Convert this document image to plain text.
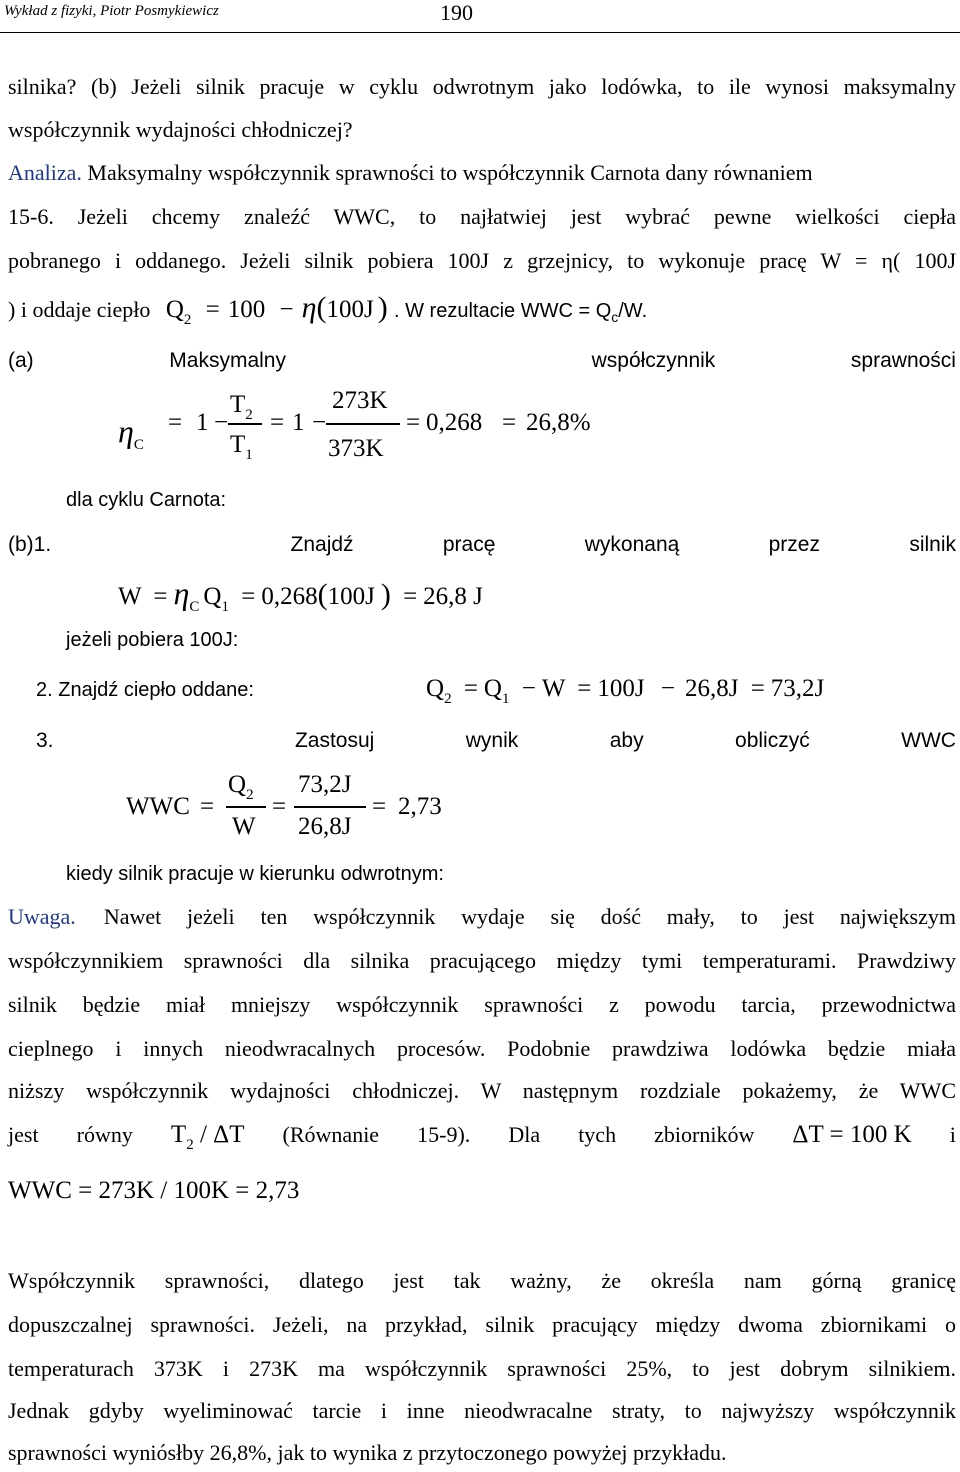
Wykład z fizyki, Piotr Posmykiewicz	190
silnika? (b) Jeżeli silnik pracuje w cyklu odwrotnym jako lodówka, to ile wynosi maksymalny
współczynnik wydajności chłodniczej?
Analiza. Maksymalny współczynnik sprawności to współczynnik Carnota dany równaniem
15-6. Jeżeli chcemy znaleźć WWC, to najłatwiej jest wybrać pewne wielkości ciepła
pobranego i oddanego. Jeżeli silnik pobiera 100J z grzejnicy, to wykonuje pracę W = η( 100J
) i oddaje ciepło $Q_2 = 100 - \eta(100J$ ) . W rezultacie WWC = $Q_c/W$.
(a)	Maksymalny	współczynnik	sprawności
$\eta_C$
= 1 −
$T_2$
$T_1$
= 1 −
273K
373K
= 0,268 = 26,8%
dla cyklu Carnota:
(b)1.	Znajdź	pracę	wykonaną	przez	silnik
$W = \eta_C$ $Q_1 = 0,268(100J$ ) = 26,8 J
jeżeli pobiera 100J:
2. Znajdź ciepło oddane:	$Q_2 = Q_1 - W = 100J - 26,8J = 73,2J$
3.	Zastosuj	wynik	aby	obliczyć	WWC
WWC =
$Q_2$
W
=
73,2J
26,8J
= 2,73
kiedy silnik pracuje w kierunku odwrotnym:
Uwaga. Nawet jeżeli ten współczynnik wydaje się dość mały, to jest największym
współczynnikiem sprawności dla silnika pracującego między tymi temperaturami. Prawdziwy
silnik będzie miał mniejszy współczynnik sprawności z powodu tarcia, przewodnictwa
cieplnego i innych nieodwracalnych procesów. Podobnie prawdziwa lodówka będzie miała
niższy współczynnik wydajności chłodniczej. W następnym rozdziale pokażemy, że WWC
jest równy $T_2$ / ΔT (Równanie 15-9). Dla tych zbiorników ΔT = 100 K i
WWC = 273K / 100K = 2,73
Współczynnik sprawności, dlatego jest tak ważny, że określa nam górną granicę
dopuszczalnej sprawności. Jeżeli, na przykład, silnik pracujący między dwoma zbiornikami o
temperaturach 373K i 273K ma współczynnik sprawności 25%, to jest dobrym silnikiem.
Jednak gdyby wyeliminować tarcie i inne nieodwracalne straty, to najwyższy współczynnik
sprawności wyniósłby 26,8%, jak to wynika z przytoczonego powyżej przykładu.
